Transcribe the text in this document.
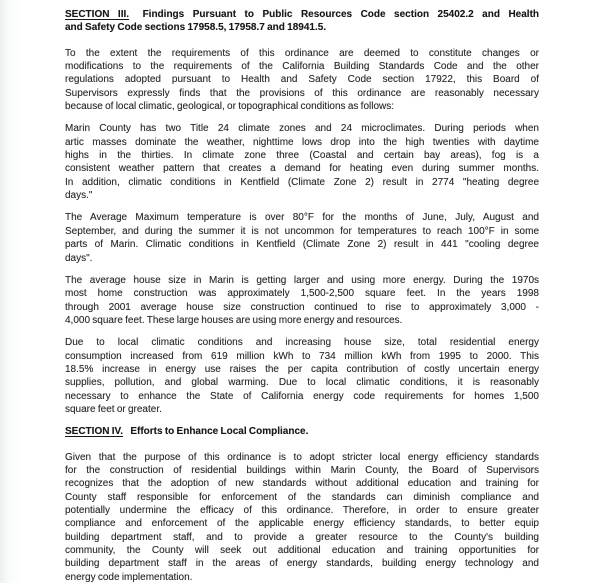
SECTION III. Findings Pursuant to Public Resources Code section 25402.2 and Health
and Safety Code sections 17958.5, 17958.7 and 18941.5.
To the extent the requirements of this ordinance are deemed to constitute changes or
modifications to the requirements of the California Building Standards Code and the other
regulations adopted pursuant to Health and Safety Code section 17922, this Board of
Supervisors expressly finds that the provisions of this ordinance are reasonably necessary
because of local climatic, geological, or topographical conditions as follows:
Marin County has two Title 24 climate zones and 24 microclimates. During periods when
artic masses dominate the weather, nighttime lows drop into the high twenties with daytime
highs in the thirties. In climate zone three (Coastal and certain bay areas), fog is a
consistent weather pattern that creates a demand for heating even during summer months.
In addition, climatic conditions in Kentfield (Climate Zone 2) result in 2774 "heating degree
days."
The Average Maximum temperature is over 80°F for the months of June, July, August and
September, and during the summer it is not uncommon for temperatures to reach 100°F in some
parts of Marin. Climatic conditions in Kentfield (Climate Zone 2) result in 441 "cooling degree
days".
The average house size in Marin is getting larger and using more energy. During the 1970s
most home construction was approximately 1,500-2,500 square feet. In the years 1998
through 2001 average house size construction continued to rise to approximately 3,000 -
4,000 square feet. These large houses are using more energy and resources.
Due to local climatic conditions and increasing house size, total residential energy
consumption increased from 619 million kWh to 734 million kWh from 1995 to 2000. This
18.5% increase in energy use raises the per capita contribution of costly uncertain energy
supplies, pollution, and global warming. Due to local climatic conditions, it is reasonably
necessary to enhance the State of California energy code requirements for homes 1,500
square feet or greater.
SECTION IV. Efforts to Enhance Local Compliance.
Given that the purpose of this ordinance is to adopt stricter local energy efficiency standards
for the construction of residential buildings within Marin County, the Board of Supervisors
recognizes that the adoption of new standards without additional education and training for
County staff responsible for enforcement of the standards can diminish compliance and
potentially undermine the efficacy of this ordinance. Therefore, in order to ensure greater
compliance and enforcement of the applicable energy efficiency standards, to better equip
building department staff, and to provide a greater resource to the County's building
community, the County will seek out additional education and training opportunities for
building department staff in the areas of energy standards, building energy technology and
energy code implementation.
